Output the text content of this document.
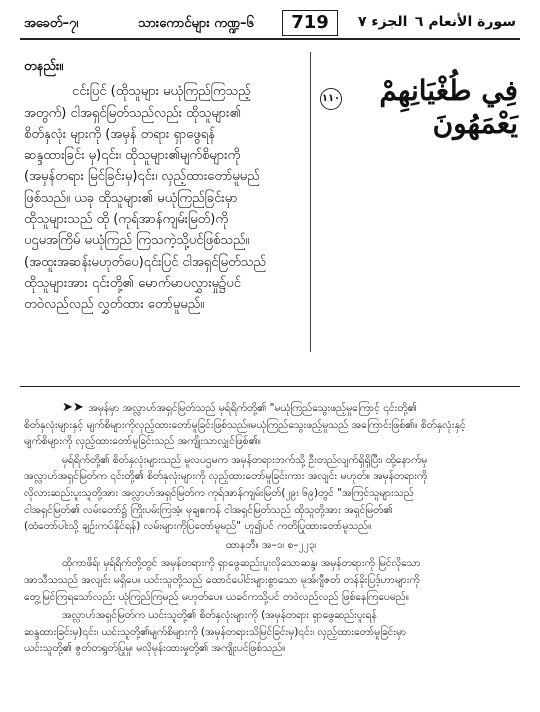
အခေတ်–၇၊	သားကောင်များ ကဏ္ဍ–၆	719	الجزء ٧ سورة الأنعام ٦
တနည်း။
ငင်းပြင် (ထိုသူများ မယုံကြည်ကြသည့်
အတွက်) ငါအရှင်မြတ်သည်လည်း ထိုသူများ၏
စိတ်နှလုံး များကို (အမှန် တရား ရှာဖွေရန်
ဆန္ဒထားခြင်း မှ)၎င်း၊ ထိုသူများ၏မျက်စိများကို
(အမှန်တရား မြင်ခြင်းမှ)၎င်း၊ လှည့်ထားတော်မူမည်
ဖြစ်သည်။ ယခု ထိုသူများ၏ မယုံကြည်ခြင်းမှာ
ထိုသူများသည် ထို (ကုရ်အာန်ကျမ်းမြတ်)ကို
ပဌမအကြိမ် မယုံကြည် ကြသကဲ့သို့ပင်ဖြစ်သည်။
(အထူးအဆန်းမဟုတ်ပေ)၎င်းပြင် ငါအရှင်မြတ်သည်
ထိုသူများအား ၎င်းတို့၏ မောက်မာပလွှားမှု၌ပင်
တဝဲလည်လည် လွှတ်ထား တော်မူမည်။
فِي طُغْيَانِهِمْ يَعْمَهُونَ
١١٠
➤➤ အမှန်မှာ အလ္လာဟ်အရှင်မြတ်သည် မှရ်ရိက်တို့၏ "မယုံကြည်သွေးဖည့်မှုကြောင့် ၎င်းတို့၏
စိတ်နှလုံးများနှင့် မျက်စိများကိုလှည့်ထားတော်မူခြင်းဖြစ်သည်။မယုံကြည်သွေးဖည့်မှုသည် အကြောင်းဖြစ်၏။ စိတ်နှလုံးနှင့်
မျက်စိများကို လှည့်ထားတော်မူခြင်းသည် အကျိုးသာလျှင်ဖြစ်၏။
မှရ်ရိက်တို့၏ စိတ်နှလုံးများသည် မူလပဌမက အမှန်တရားဘက်သို့ ဦးတည်လျက်ရှိရှိပြီး၊ ထို့နောက်မှ
အလ္လာဟ်အရှင်မြတ်က ၎င်းတို့၏ စိတ်နှလုံးများကို လှည့်ထားတော်မူခြင်းကား အလျင်း မဟုတ်။ အမှန်တရားကို
လိုလားဆည်းပူးသူတို့အား အလ္လာဟ်အရှင်မြတ်က ကုရ်အာန်ကျမ်းမြတ်(၂၉း ၆၉)တွင် "အကြင်သူများသည်
ငါအရှင်မြတ်၏ လမ်းတော်၌ ကြိုးပမ်းကြအံ့၊ မုချဧကန် ငါအရှင်မြတ်သည် ထိုသူတို့အား အရှင်မြတ်၏
(ထံတော်ပါးသို့ ချဉ်းကပ်နိုင်ရန်) လမ်းများကိုပြတော်မူမည်" ဟူ၍ပင် ကတိပြုထားတော်မူသည်။
ထာနဘီ။ အ–၁၊ စ–၂၂၃၊
ထိုကာဖိရ်၊ မှရ်ရိက်တို့တွင် အမှန်တရားကို ရှာဖွေဆည်းပူးလိုသောဆန္ဒ၊ အမှန်တရားကို မြင်လိုသော
အာသီသသည် အလျင်း မရှိပေ။ ယင်းသူတို့သည် ထောင်ပေါင်းများစွာသော မုအ်ဂျီဇတ် တန်ခိုးပြဒ့်ဟာများကို
တွေ့မြင်ကြရသော်လည်း ယုံကြည်ကြမည် မဟုတ်ပေ။ ယခင်ကသို့ပင် တဝဲလည်လည် ဖြစ်နေကြပေမည်။
အလ္လာဟ်အရှင်မြတ်က ယင်းသူတို့၏ စိတ်နှလုံးများကို (အမှန်တရား ရှာဖွေဆည်းပူးရန်
ဆန္ဒထားခြင်းမှ)၎င်း၊ ယင်းသူတို့၏မျက်စိများကို (အမှန်တရားသိမြင်ခြင်းမှ)၎င်း၊ လှည့်ထားတော်မူခြင်းမှာ
ယင်းသူတို့၏ ဇွတ်တရွတ်ပြုမှု၊ မလိုမုန်းထားမှုတို့၏ အကျိုးပင်ဖြစ်သည်။
